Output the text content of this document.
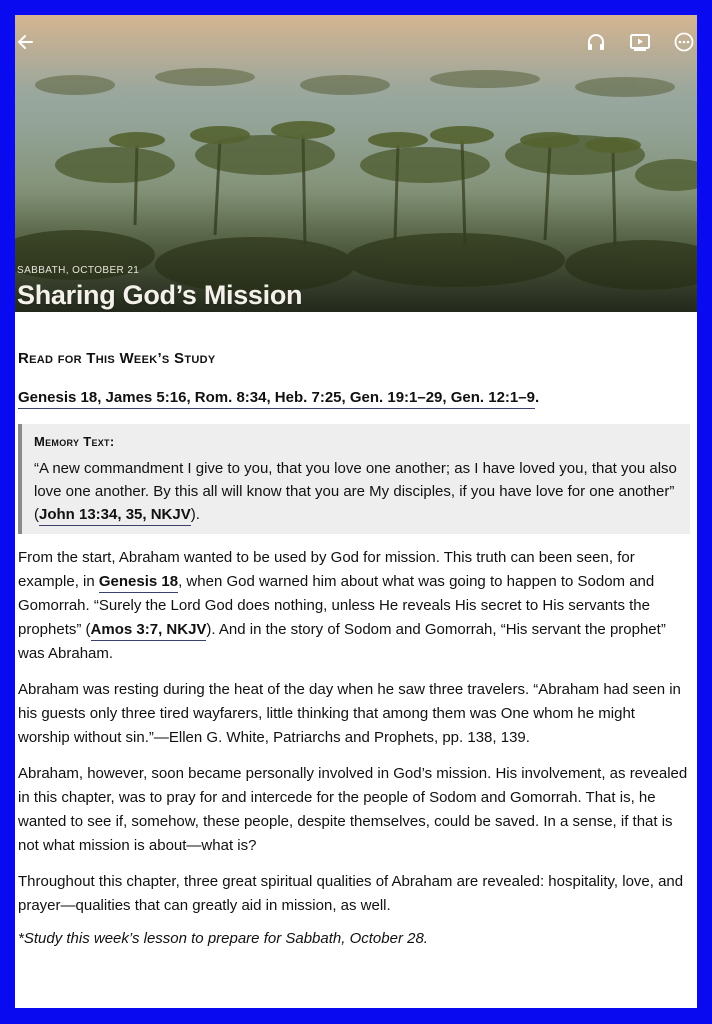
SABBATH, OCTOBER 21
Sharing God’s Mission
Read for This Week’s Study
Genesis 18, James 5:16, Rom. 8:34, Heb. 7:25, Gen. 19:1–29, Gen. 12:1–9.
Memory Text:
“A new commandment I give to you, that you love one another; as I have loved you, that you also love one another. By this all will know that you are My disciples, if you have love for one another” (John 13:34, 35, NKJV).

From the start, Abraham wanted to be used by God for mission. This truth can been seen, for example, in Genesis 18, when God warned him about what was going to happen to Sodom and Gomorrah. “Surely the Lord God does nothing, unless He reveals His secret to His servants the prophets” (Amos 3:7, NKJV). And in the story of Sodom and Gomorrah, “His servant the prophet” was Abraham.

Abraham was resting during the heat of the day when he saw three travelers. “Abraham had seen in his guests only three tired wayfarers, little thinking that among them was One whom he might worship without sin.”—Ellen G. White, Patriarchs and Prophets, pp. 138, 139.

Abraham, however, soon became personally involved in God’s mission. His involvement, as revealed in this chapter, was to pray for and intercede for the people of Sodom and Gomorrah. That is, he wanted to see if, somehow, these people, despite themselves, could be saved. In a sense, if that is not what mission is about—what is?

Throughout this chapter, three great spiritual qualities of Abraham are revealed: hospitality, love, and prayer—qualities that can greatly aid in mission, as well.

*Study this week’s lesson to prepare for Sabbath, October 28.
